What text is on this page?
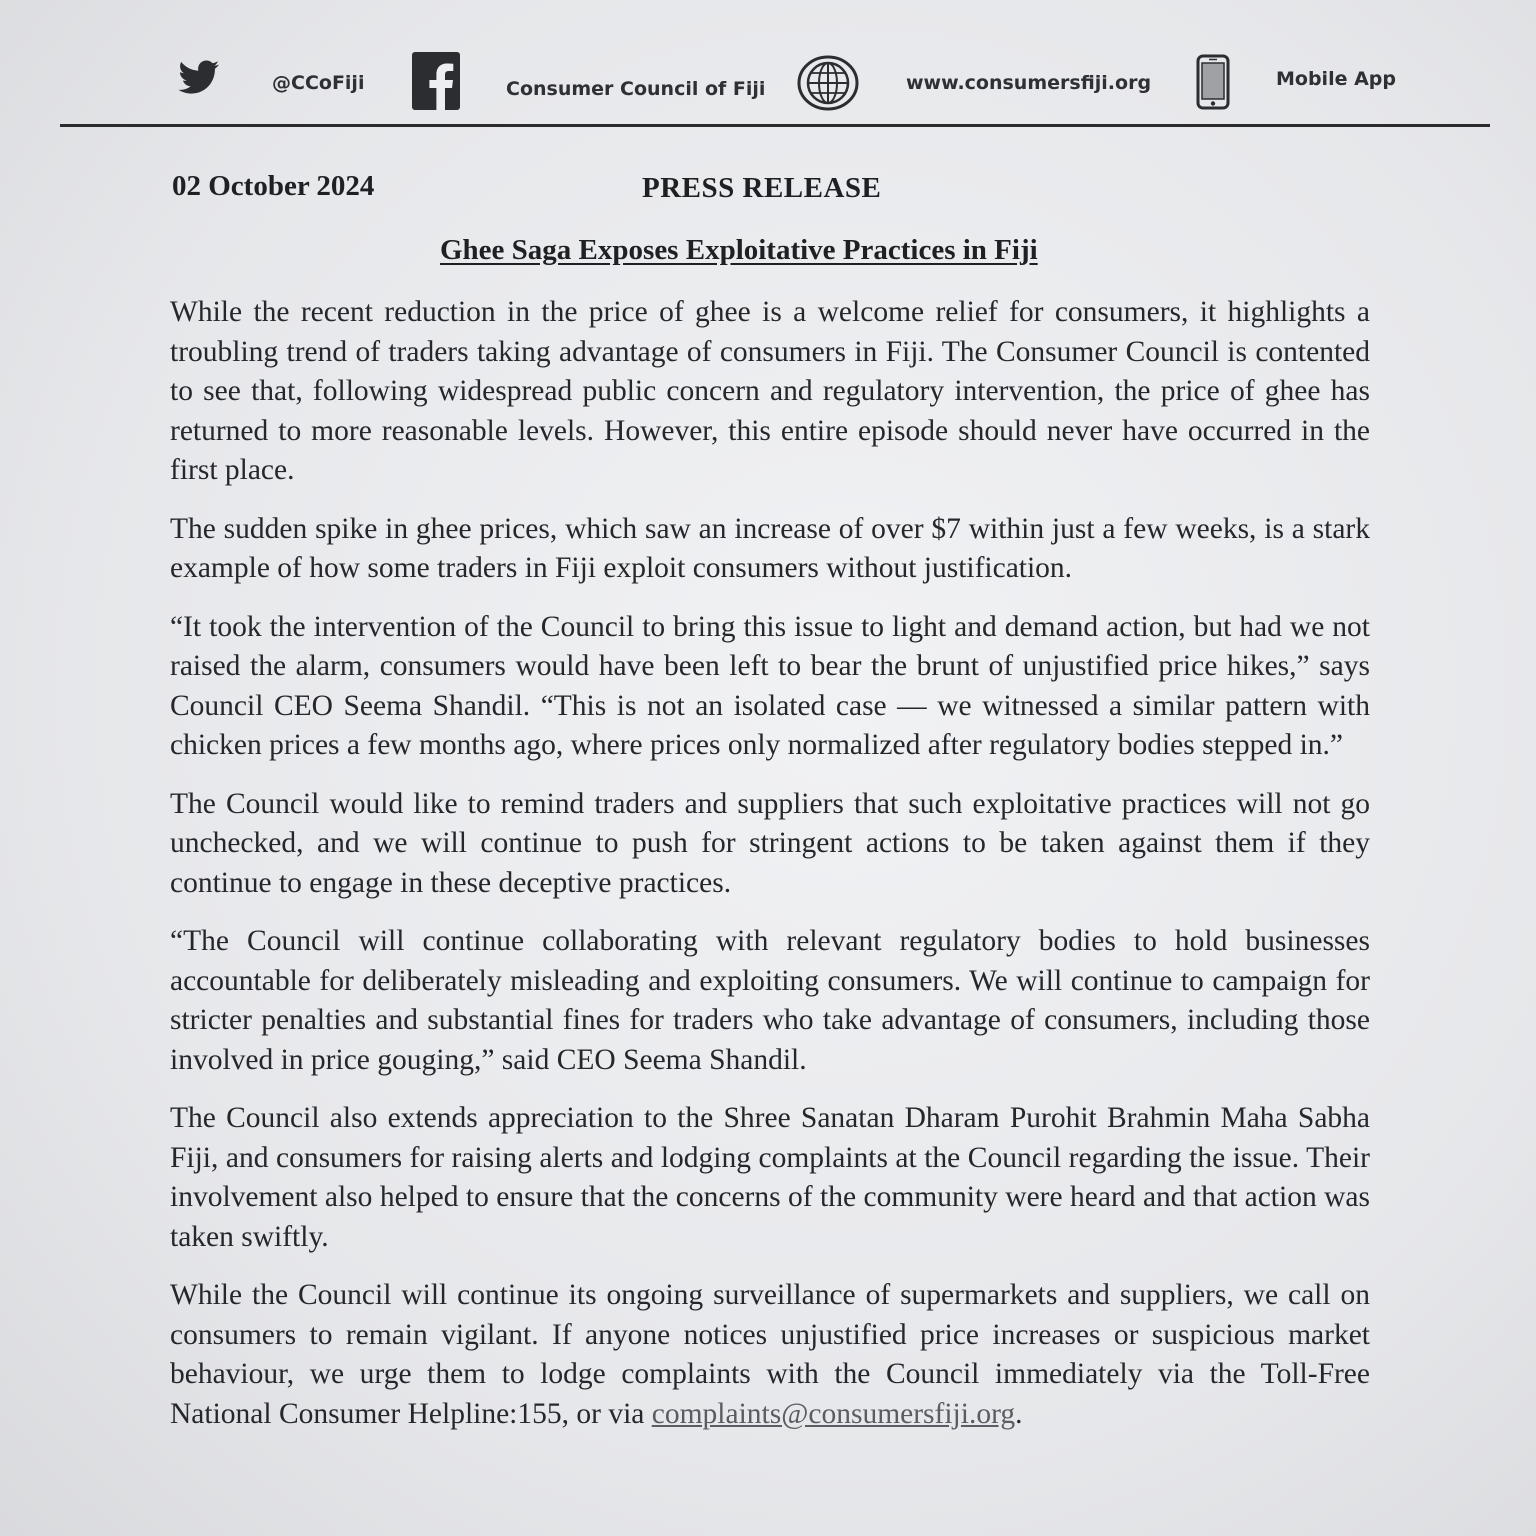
@CCoFiji	Consumer Council of Fiji	www.consumersfiji.org	Mobile App
02 October 2024	PRESS RELEASE
Ghee Saga Exposes Exploitative Practices in Fiji

While the recent reduction in the price of ghee is a welcome relief for consumers, it highlights a troubling trend of traders taking advantage of consumers in Fiji. The Consumer Council is contented to see that, following widespread public concern and regulatory intervention, the price of ghee has returned to more reasonable levels. However, this entire episode should never have occurred in the first place.

The sudden spike in ghee prices, which saw an increase of over $7 within just a few weeks, is a stark example of how some traders in Fiji exploit consumers without justification.

“It took the intervention of the Council to bring this issue to light and demand action, but had we not raised the alarm, consumers would have been left to bear the brunt of unjustified price hikes,” says Council CEO Seema Shandil. “This is not an isolated case — we witnessed a similar pattern with chicken prices a few months ago, where prices only normalized after regulatory bodies stepped in.”

The Council would like to remind traders and suppliers that such exploitative practices will not go unchecked, and we will continue to push for stringent actions to be taken against them if they continue to engage in these deceptive practices.

“The Council will continue collaborating with relevant regulatory bodies to hold businesses accountable for deliberately misleading and exploiting consumers. We will continue to campaign for stricter penalties and substantial fines for traders who take advantage of consumers, including those involved in price gouging,” said CEO Seema Shandil.

The Council also extends appreciation to the Shree Sanatan Dharam Purohit Brahmin Maha Sabha Fiji, and consumers for raising alerts and lodging complaints at the Council regarding the issue. Their involvement also helped to ensure that the concerns of the community were heard and that action was taken swiftly.

While the Council will continue its ongoing surveillance of supermarkets and suppliers, we call on consumers to remain vigilant. If anyone notices unjustified price increases or suspicious market behaviour, we urge them to lodge complaints with the Council immediately via the Toll-Free National Consumer Helpline:155, or via complaints@consumersfiji.org.
